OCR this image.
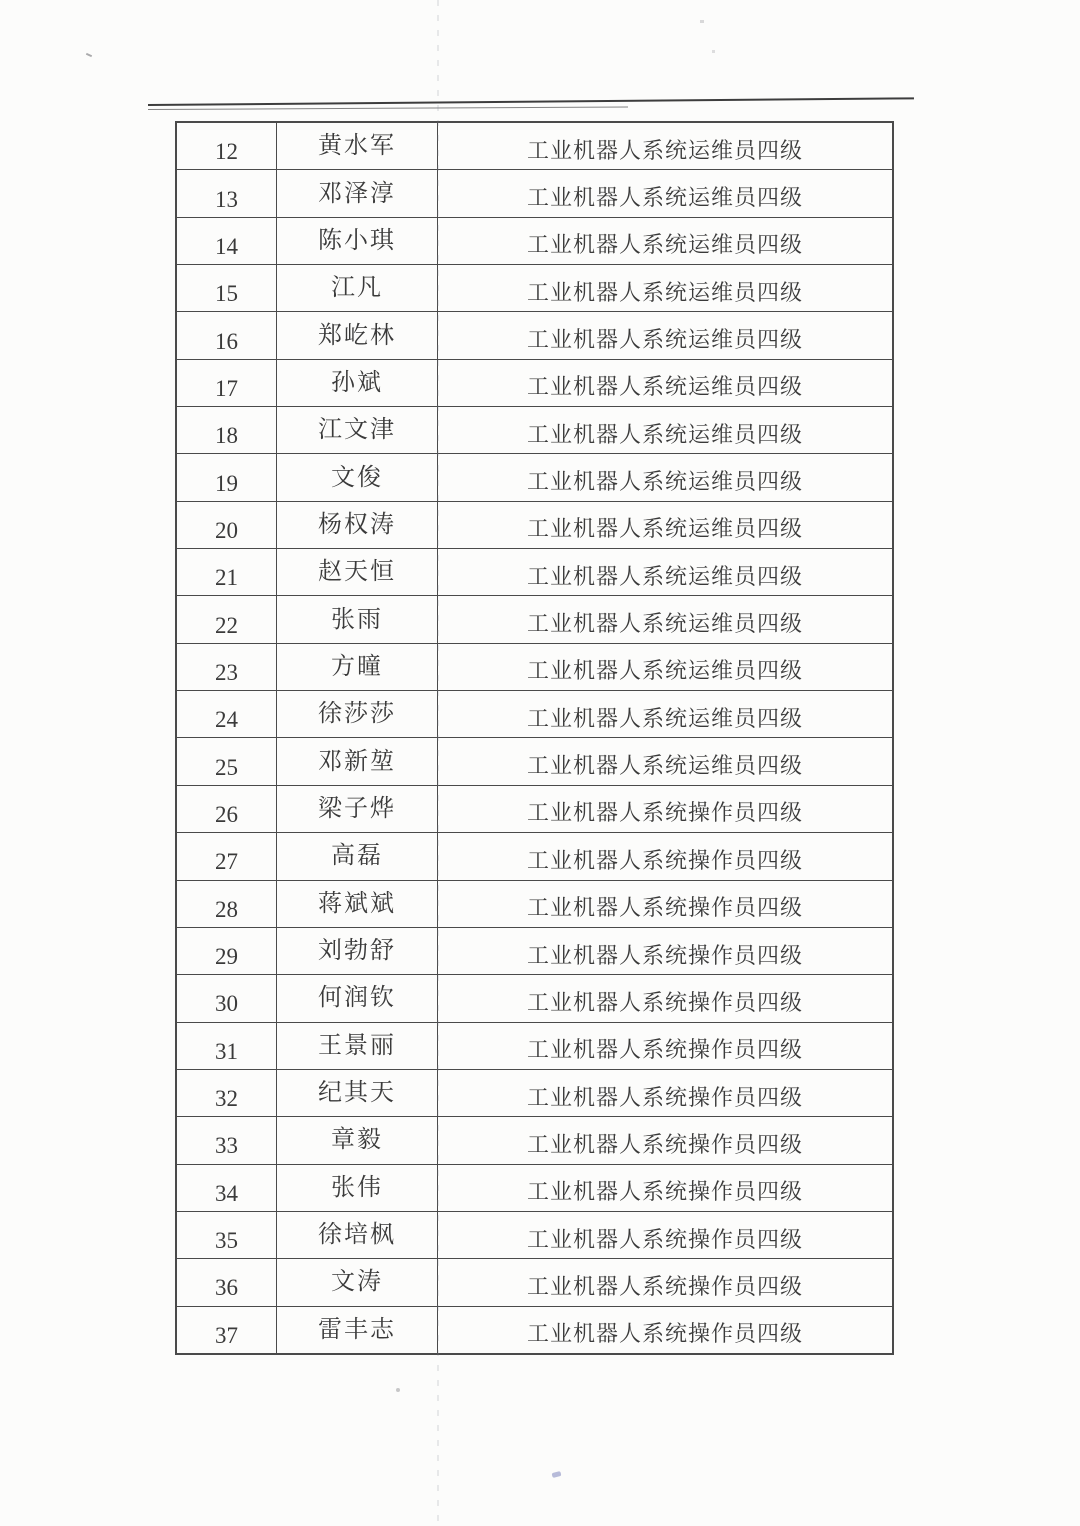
12	黄水军	工业机器人系统运维员四级
13	邓泽淳	工业机器人系统运维员四级
14	陈小琪	工业机器人系统运维员四级
15	江凡	工业机器人系统运维员四级
16	郑屹林	工业机器人系统运维员四级
17	孙斌	工业机器人系统运维员四级
18	江文津	工业机器人系统运维员四级
19	文俊	工业机器人系统运维员四级
20	杨权涛	工业机器人系统运维员四级
21	赵天恒	工业机器人系统运维员四级
22	张雨	工业机器人系统运维员四级
23	方曈	工业机器人系统运维员四级
24	徐莎莎	工业机器人系统运维员四级
25	邓新堃	工业机器人系统运维员四级
26	梁子烨	工业机器人系统操作员四级
27	高磊	工业机器人系统操作员四级
28	蒋斌斌	工业机器人系统操作员四级
29	刘勃舒	工业机器人系统操作员四级
30	何润钦	工业机器人系统操作员四级
31	王景丽	工业机器人系统操作员四级
32	纪其天	工业机器人系统操作员四级
33	章毅	工业机器人系统操作员四级
34	张伟	工业机器人系统操作员四级
35	徐培枫	工业机器人系统操作员四级
36	文涛	工业机器人系统操作员四级
37	雷丰志	工业机器人系统操作员四级
